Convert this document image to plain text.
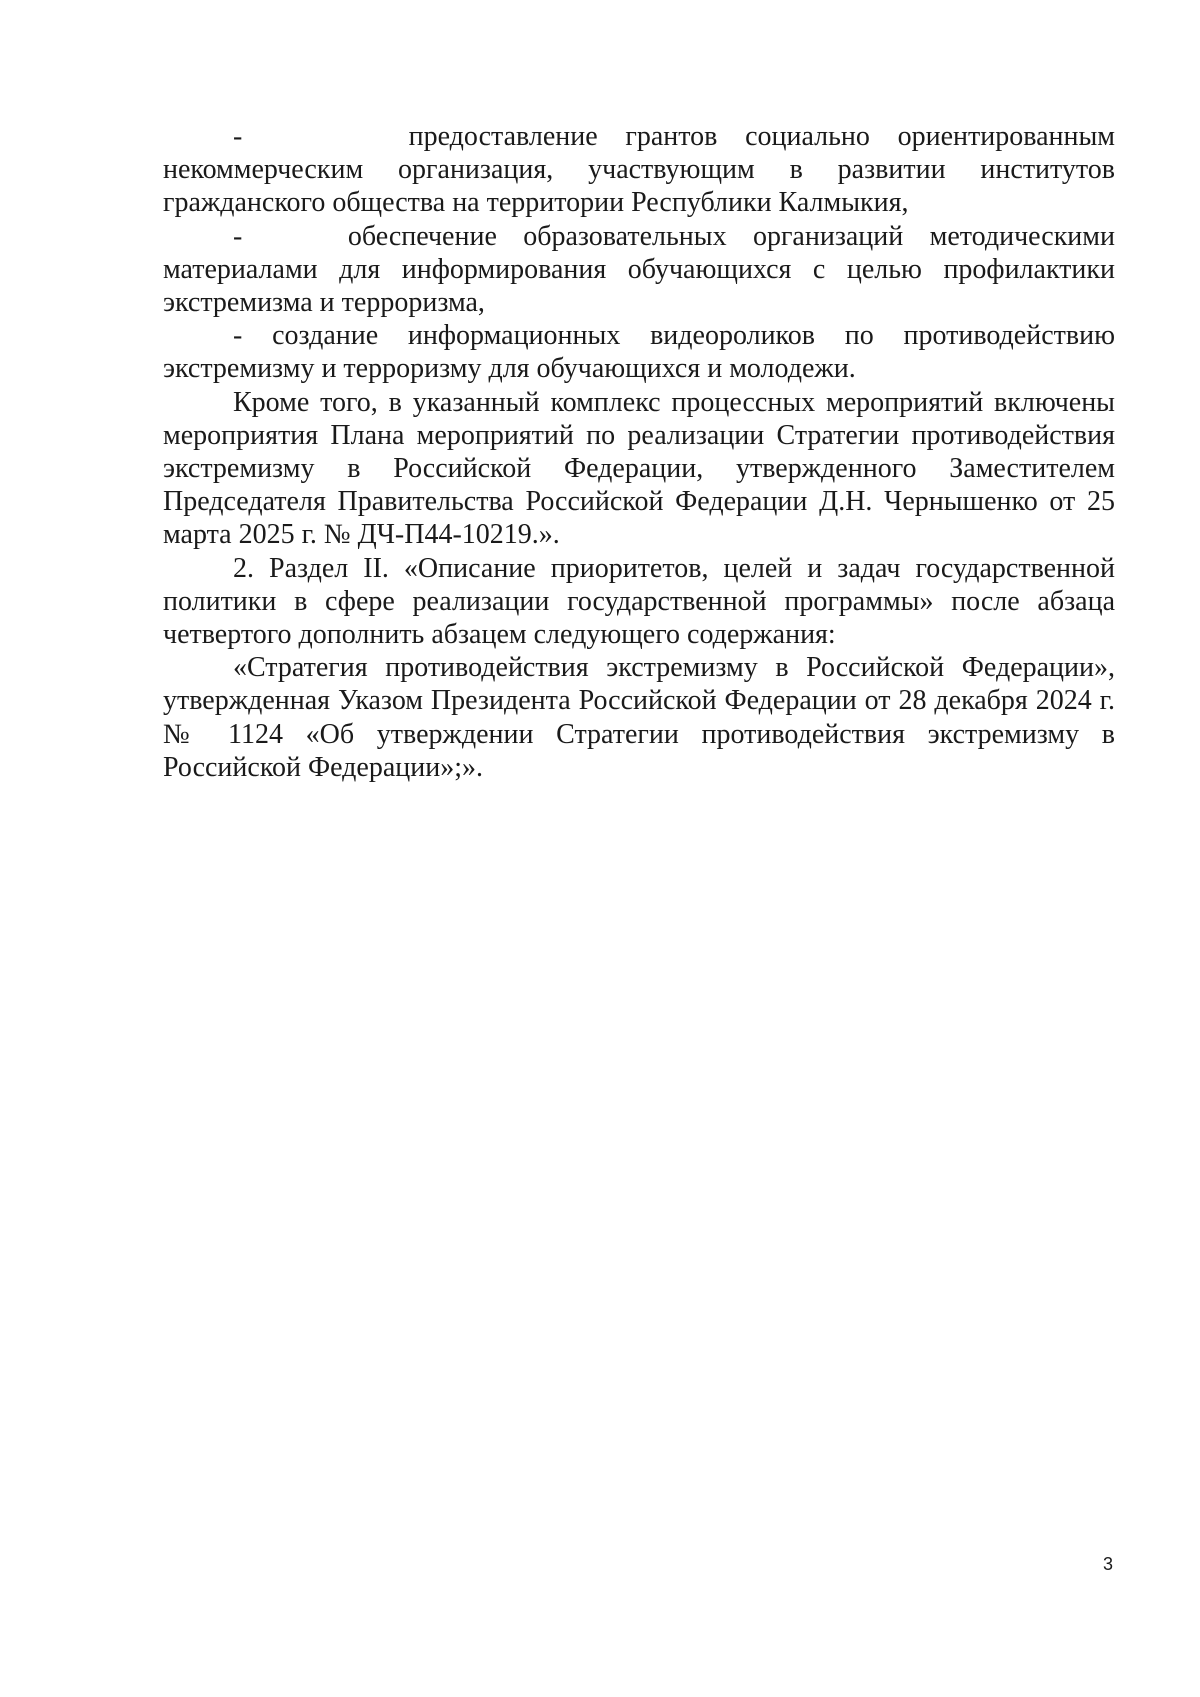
-      предоставление грантов социально ориентированным некоммерческим организация, участвующим в развитии институтов гражданского общества на территории Республики Калмыкия,

-    обеспечение образовательных организаций методическими материалами для информирования обучающихся с целью профилактики экстремизма и терроризма,

- создание информационных видеороликов по противодействию экстремизму и терроризму для обучающихся и молодежи.

Кроме того, в указанный комплекс процессных мероприятий включены мероприятия Плана мероприятий по реализации Стратегии противодействия экстремизму в Российской Федерации, утвержденного Заместителем Председателя Правительства Российской Федерации Д.Н. Чернышенко от 25 марта 2025 г. № ДЧ-П44-10219.».

2. Раздел II. «Описание приоритетов, целей и задач государственной политики в сфере реализации государственной программы» после абзаца четвертого дополнить абзацем следующего содержания:

«Стратегия противодействия экстремизму в Российской Федерации», утвержденная Указом Президента Российской Федерации от 28 декабря 2024 г. № 1124 «Об утверждении Стратегии противодействия экстремизму в Российской Федерации»;».

3
